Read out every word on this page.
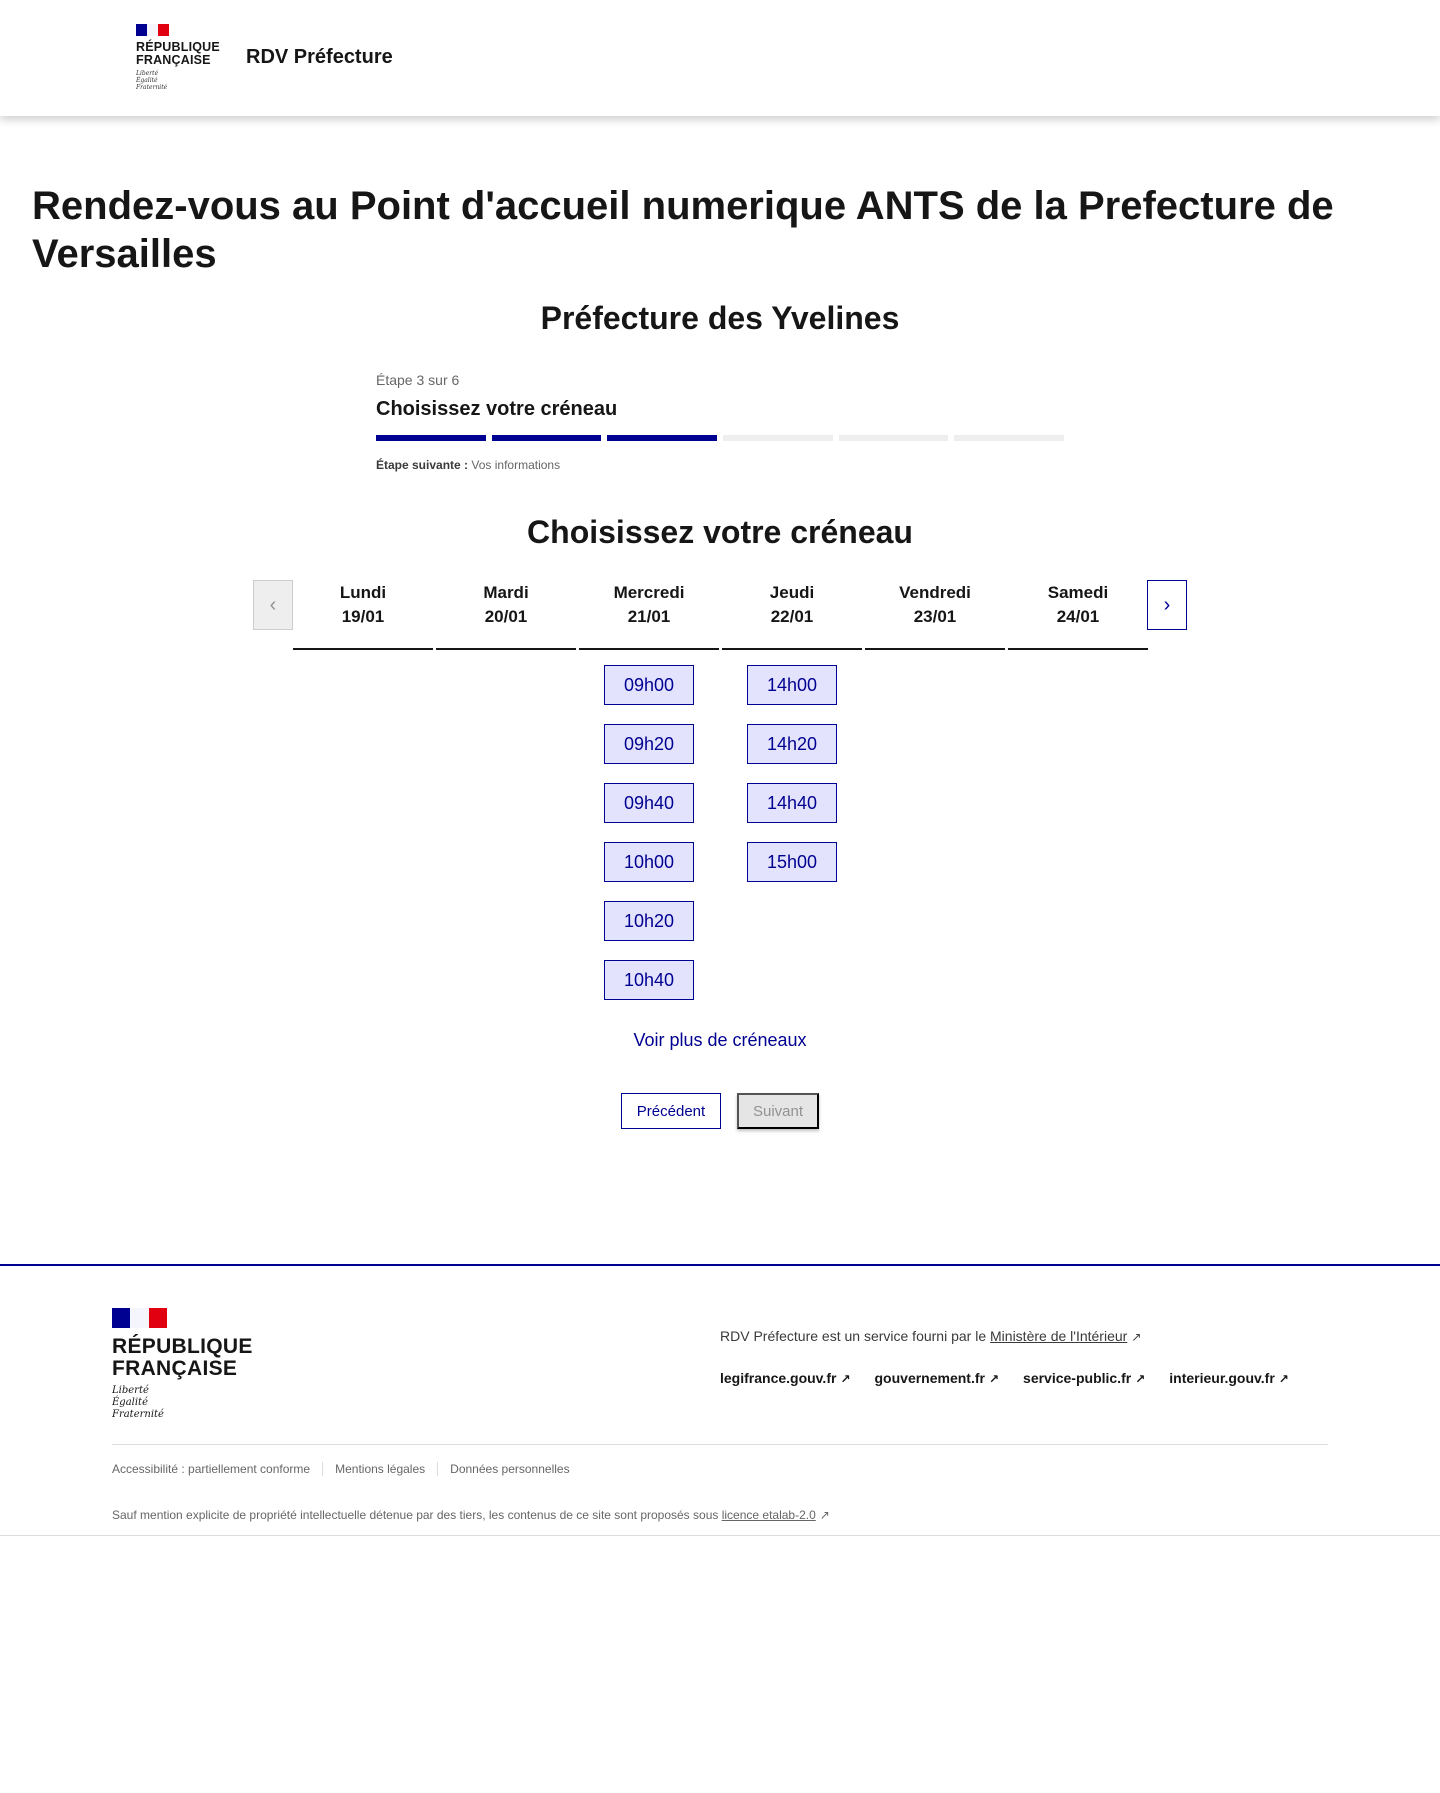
RÉPUBLIQUE
FRANÇAISE
Liberté
Égalité
Fraternité
RDV Préfecture
Rendez-vous au Point d'accueil numerique ANTS de la Prefecture de Versailles
Préfecture des Yvelines
Étape 3 sur 6
Choisissez votre créneau
Étape suivante : Vos informations
Choisissez votre créneau
‹	›
Lundi
19/01
Mardi
20/01
Mercredi
21/01
09h00
09h20
09h40
10h00
10h20
10h40
Jeudi
22/01
14h00
14h20
14h40
15h00
Vendredi
23/01
Samedi
24/01
Voir plus de créneaux
Précédent	Suivant
RÉPUBLIQUE
FRANÇAISE
Liberté
Égalité
Fraternité
RDV Préfecture est un service fourni par le Ministère de l'Intérieur ↗
legifrance.gouv.fr ↗ gouvernement.fr ↗ service-public.fr ↗ interieur.gouv.fr ↗
Accessibilité : partiellement conforme	Mentions légales	Données personnelles
Sauf mention explicite de propriété intellectuelle détenue par des tiers, les contenus de ce site sont proposés sous licence etalab-2.0 ↗
